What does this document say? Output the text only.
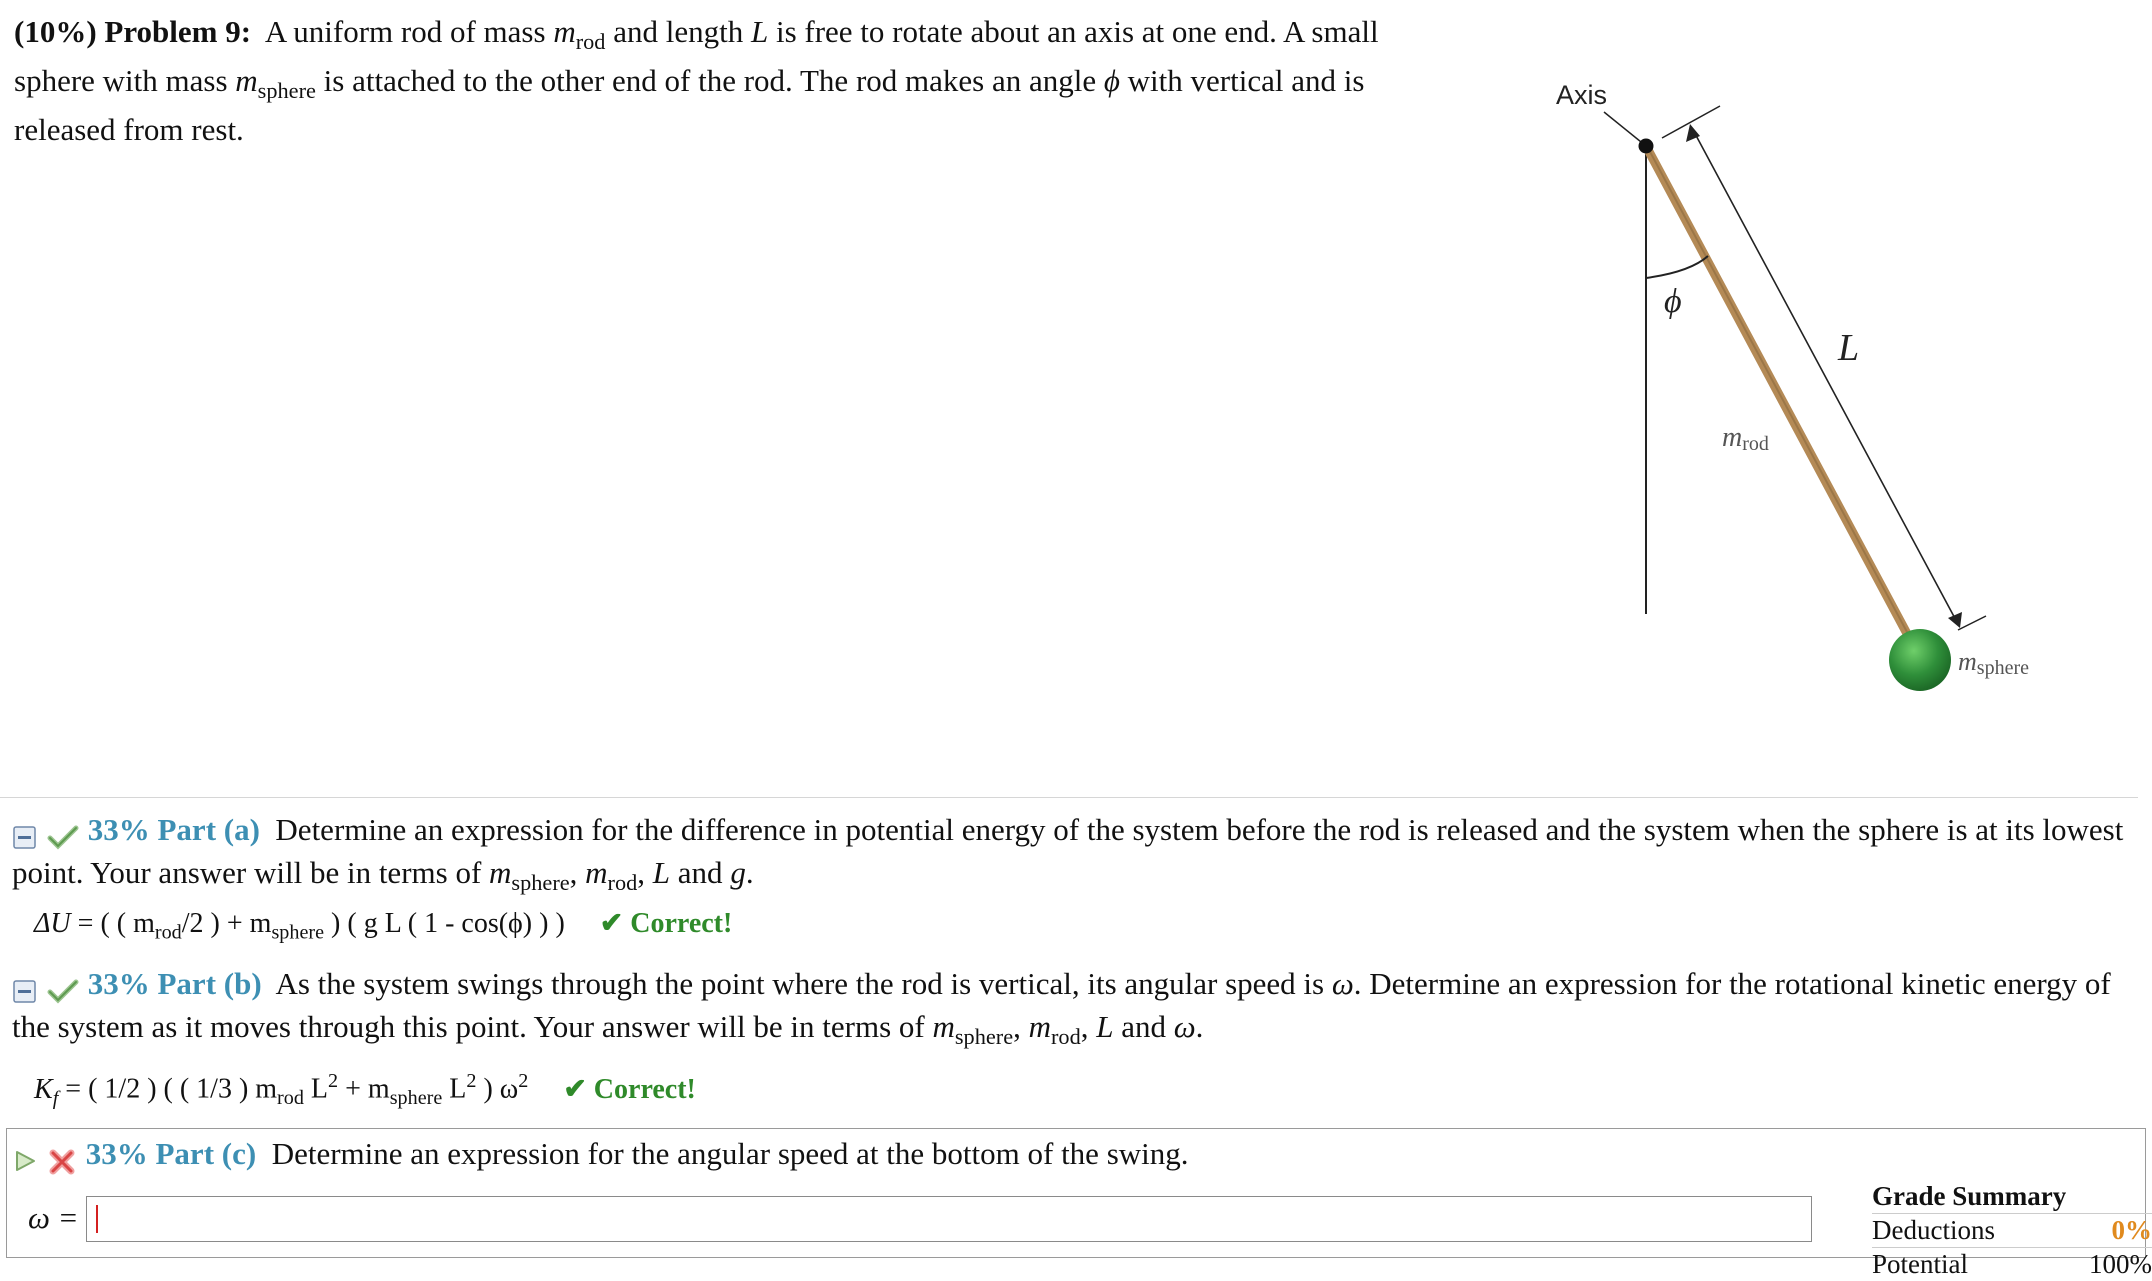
(10%) Problem 9: A uniform rod of mass $m_{rod}$ and length L is free to rotate about an axis at one end. A small sphere with mass $m_{sphere}$ is attached to the other end of the rod. The rod makes an angle ϕ with vertical and is released from rest.
Axis
ϕ
L
mrod
msphere
33% Part (a) Determine an expression for the difference in potential energy of the system before the rod is released and the system when the sphere is at its lowest point. Your answer will be in terms of $m_{sphere}$, $m_{rod}$, L and g.
ΔU = ( ( $m_{rod}/2$ ) + $m_{sphere}$ ) ( g L ( 1 - cos(ϕ) ) ) ✔ Correct!
33% Part (b) As the system swings through the point where the rod is vertical, its angular speed is ω. Determine an expression for the rotational kinetic energy of the system as it moves through this point. Your answer will be in terms of $m_{sphere}$, $m_{rod}$, L and ω.
$K_f$ = ( 1/2 ) ( ( 1/3 ) $m_{rod}$ $L^2 + m_{sphere}$ $L^2$ ) $\omega^2$ ✔ Correct!
33% Part (c) Determine an expression for the angular speed at the bottom of the swing.
ω =
Grade Summary
Deductions	0%
Potential	100%
